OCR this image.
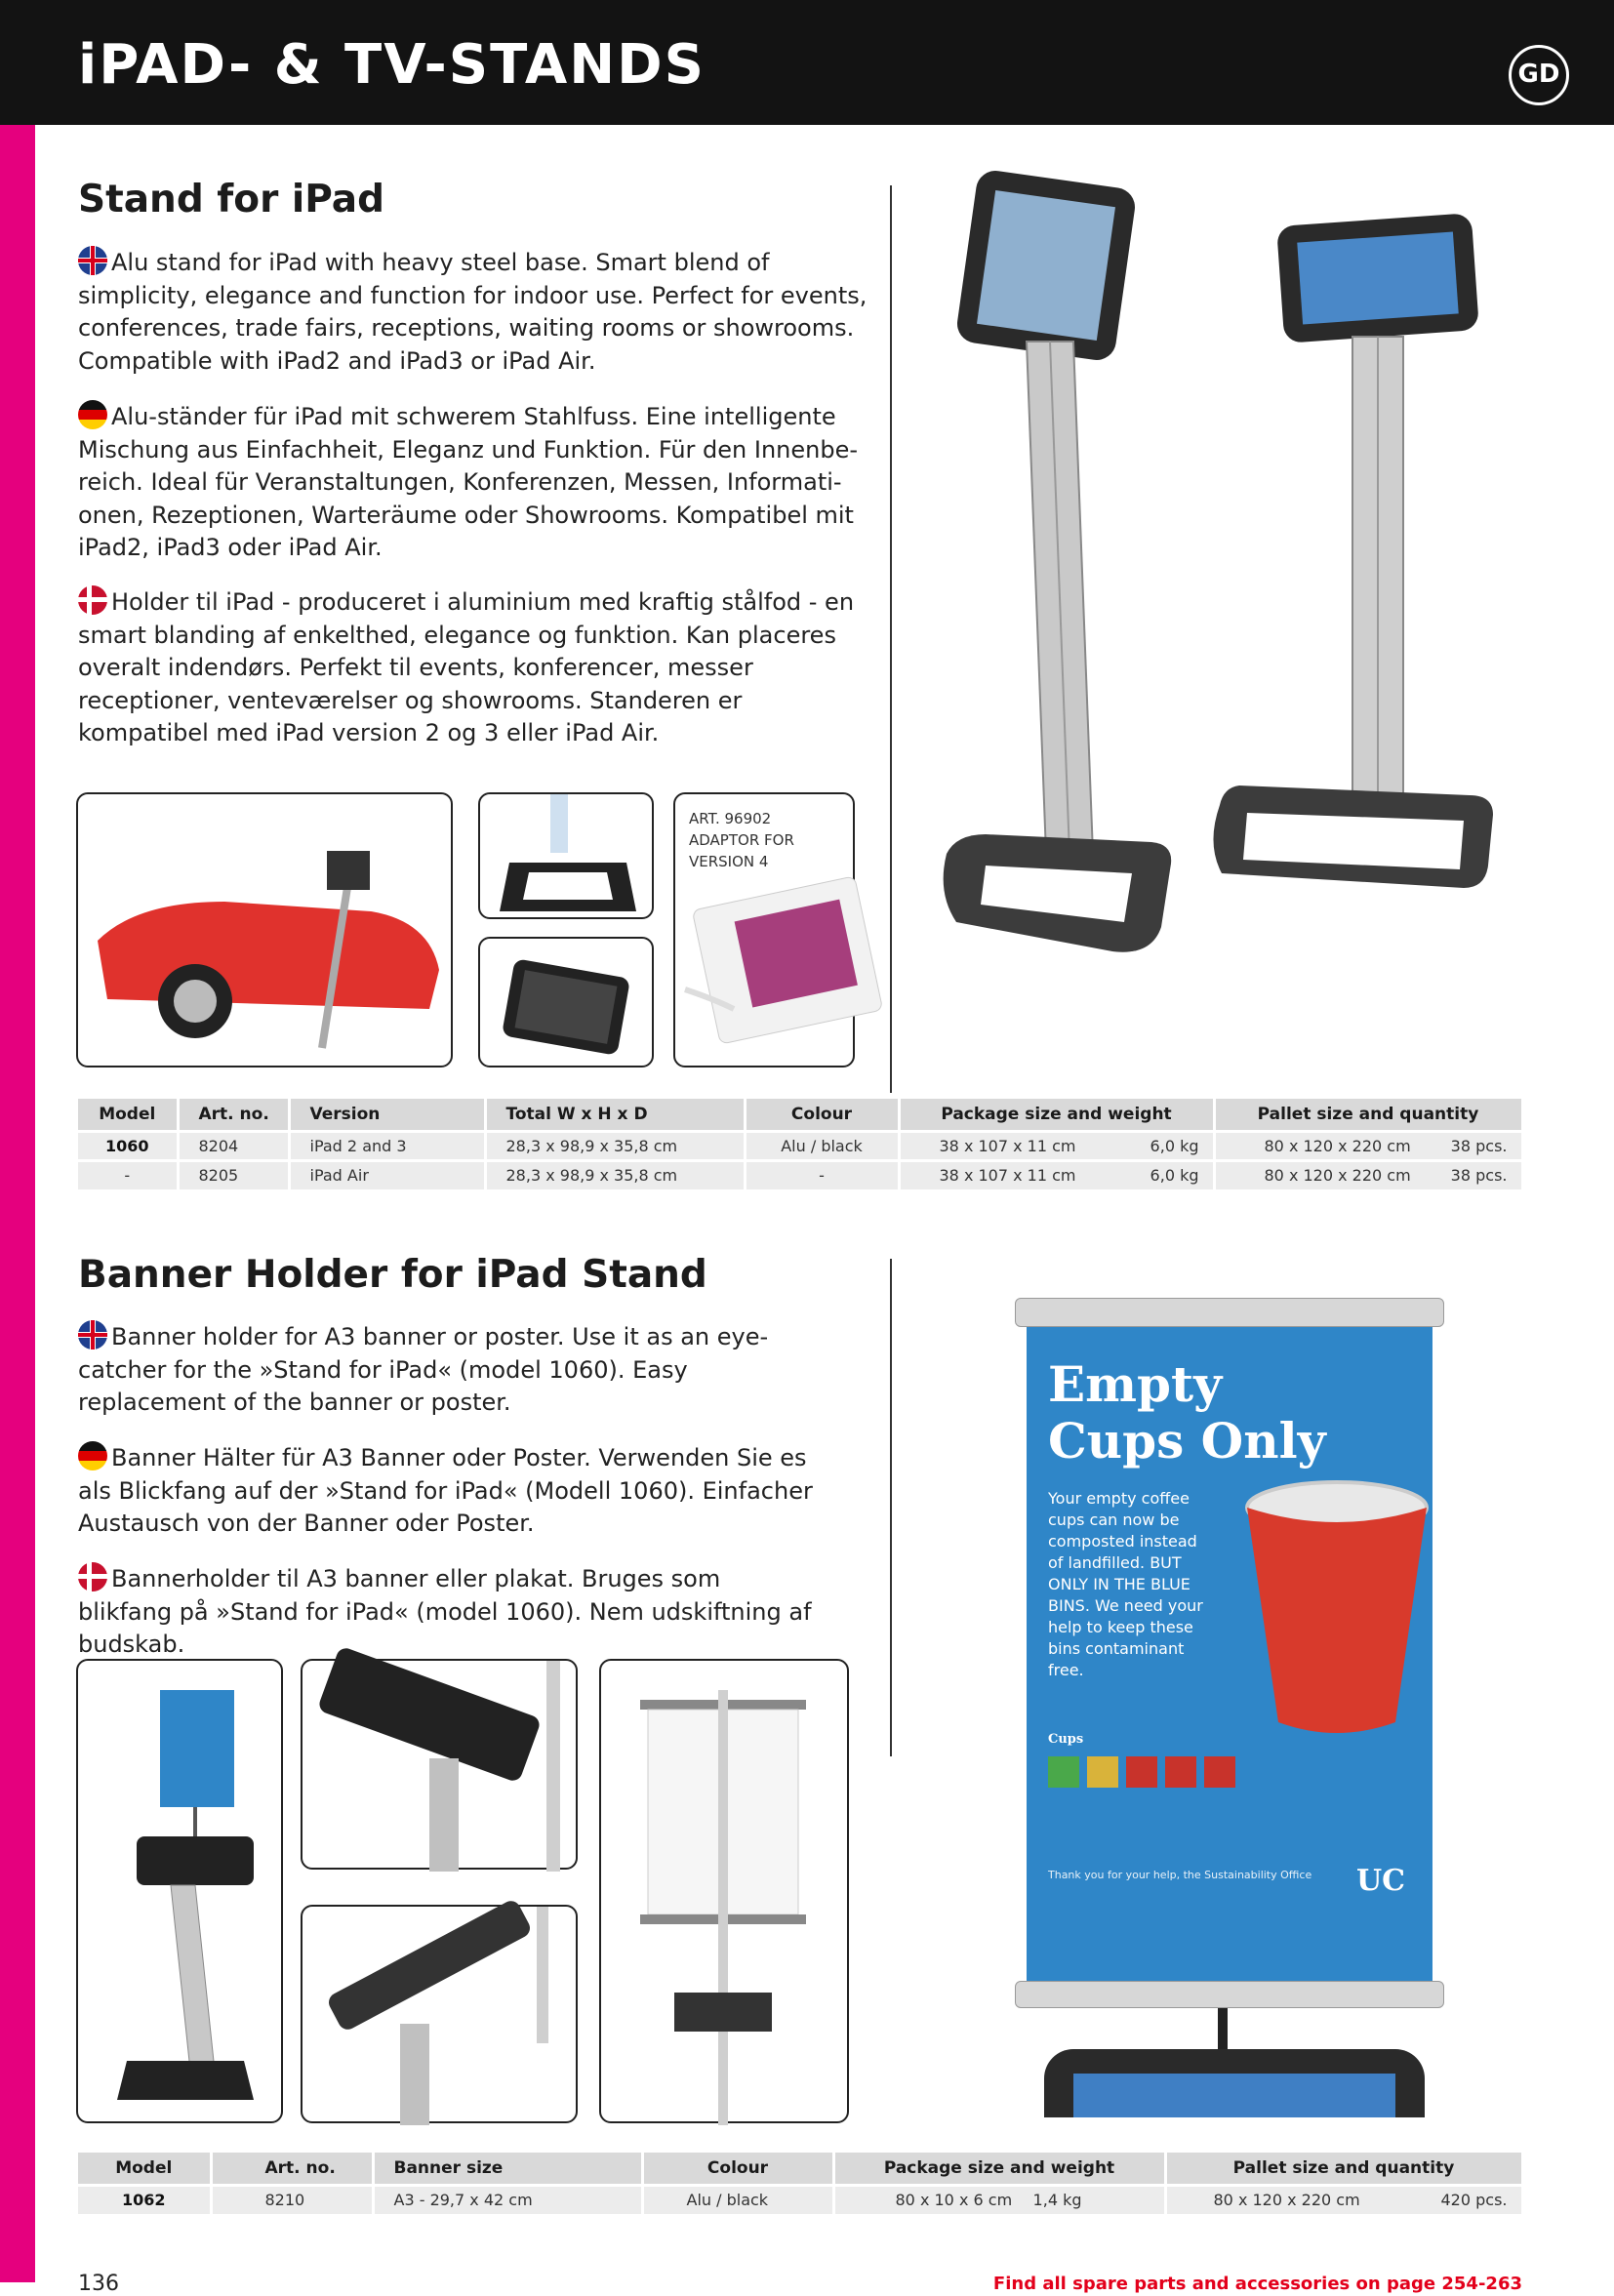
iPAD- & TV-STANDS	GD
Stand for iPad
Alu stand for iPad with heavy steel base. Smart blend of simplicity, elegance and function for indoor use. Perfect for events, conferences, trade fairs, receptions, waiting rooms or showrooms. Compatible with iPad2 and iPad3 or iPad Air.
Alu-ständer für iPad mit schwerem Stahlfuss. Eine intelligente Mischung aus Einfachheit, Eleganz und Funktion. Für den Innenbe-reich. Ideal für Veranstaltungen, Konferenzen, Messen, Informati-onen, Rezeptionen, Warteräume oder Showrooms. Kompatibel mit iPad2, iPad3 oder iPad Air.
Holder til iPad - produceret i aluminium med kraftig stålfod - en smart blanding af enkelthed, elegance og funktion. Kan placeres overalt indendørs. Perfekt til events, konferencer, messer receptioner, venteværelser og showrooms. Standeren er kompatibel med iPad version 2 og 3 eller iPad Air.
ART. 96902
ADAPTOR FOR
VERSION 4
Model	Art. no.	Version	Total W x H x D	Colour	Package size and weight	Pallet size and quantity
1060	8204	iPad 2 and 3	28,3 x 98,9 x 35,8 cm	Alu / black	38 x 107 x 11 cm 6,0 kg	80 x 120 x 220 cm 38 pcs.

-	8205	iPad Air	28,3 x 98,9 x 35,8 cm	-	38 x 107 x 11 cm 6,0 kg	80 x 120 x 220 cm 38 pcs.
Banner Holder for iPad Stand
Banner holder for A3 banner or poster. Use it as an eye-catcher for the »Stand for iPad« (model 1060). Easy replacement of the banner or poster.
Banner Hälter für A3 Banner oder Poster. Verwenden Sie es als Blickfang auf der »Stand for iPad« (Modell 1060). Einfacher Austausch von der Banner oder Poster.
Bannerholder til A3 banner eller plakat. Bruges som blikfang på »Stand for iPad« (model 1060). Nem udskiftning af budskab.
Empty Cups Only
Your empty coffee cups can now be composted instead of landfilled. BUT ONLY IN THE BLUE BINS. We need your help to keep these bins contaminant free.
Cups
Thank you for your help, the Sustainability Office	UC
Model	Art. no.	Banner size	Colour	Package size and weight	Pallet size and quantity
1062	8210	A3 - 29,7 x 42 cm	Alu / black	80 x 10 x 6 cm 1,4 kg	80 x 120 x 220 cm 420 pcs.
136	Find all spare parts and accessories on page 254-263
